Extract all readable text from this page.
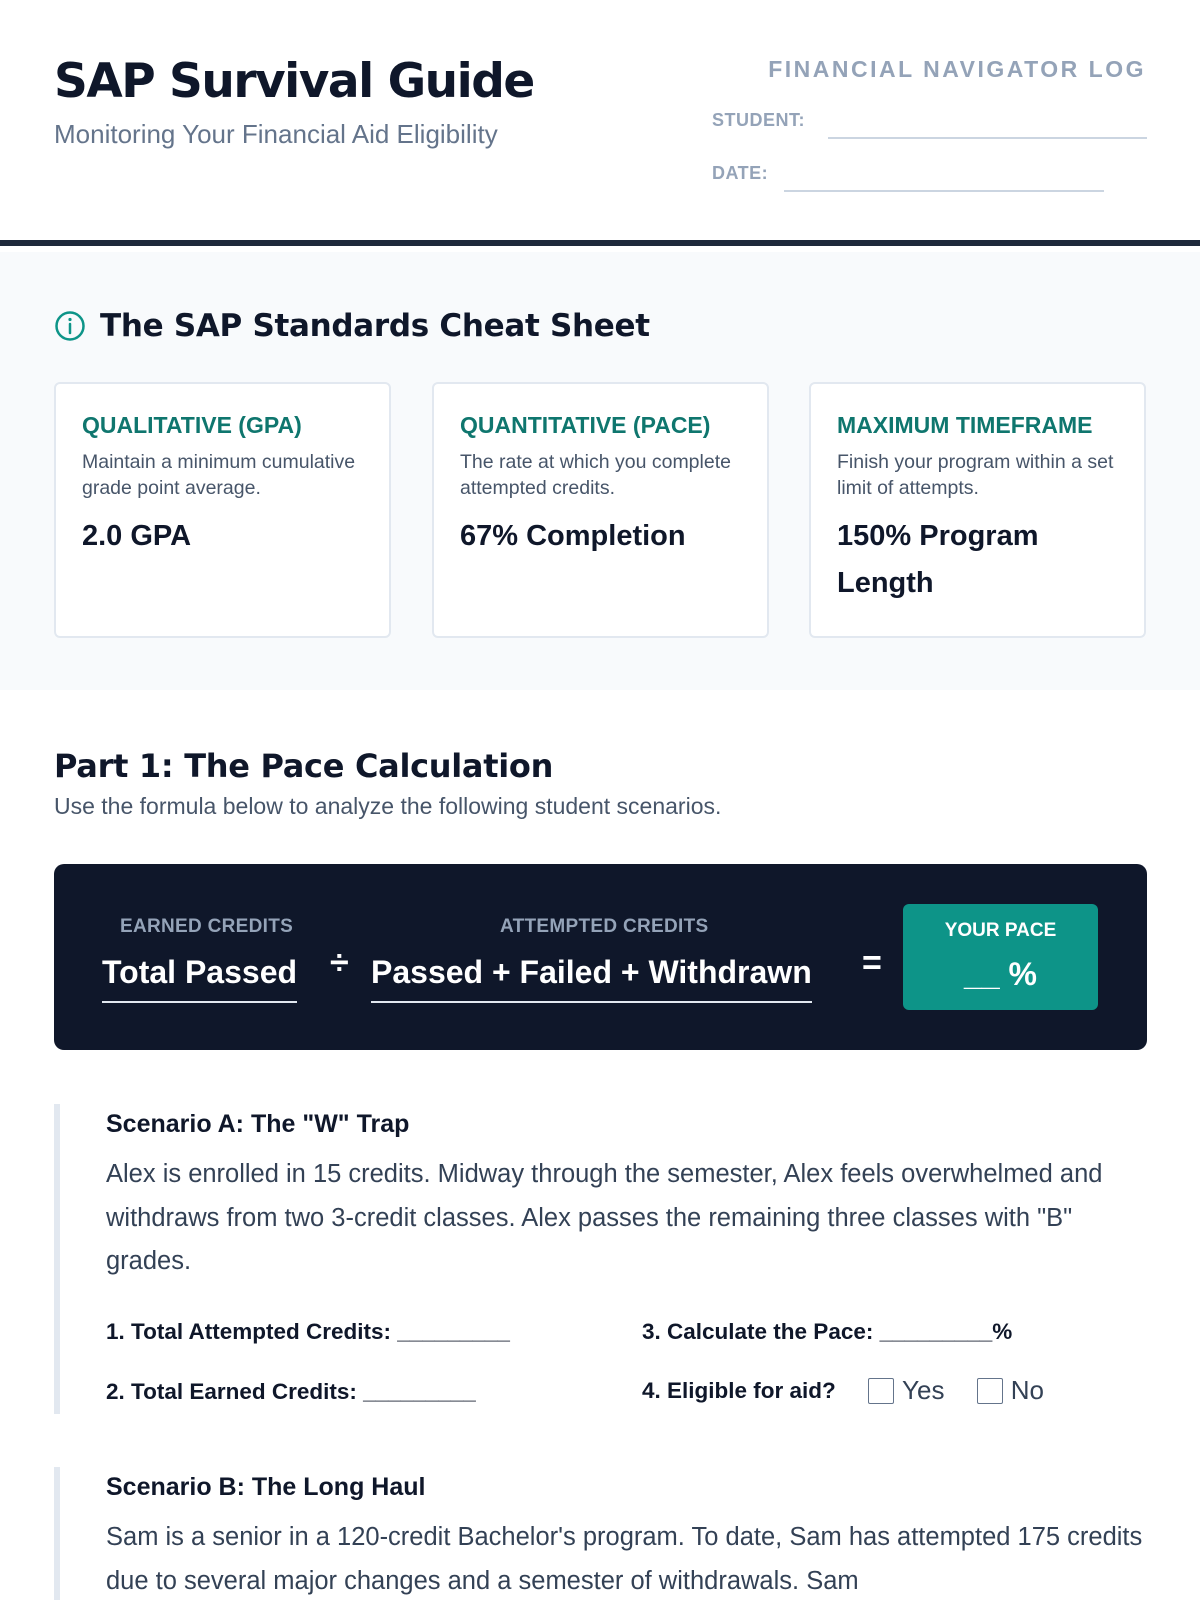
SAP Survival Guide
Monitoring Your Financial Aid Eligibility
FINANCIAL NAVIGATOR LOG
STUDENT:
DATE:
The SAP Standards Cheat Sheet
QUALITATIVE (GPA)
Maintain a minimum cumulative grade point average.
2.0 GPA
QUANTITATIVE (PACE)
The rate at which you complete attempted credits.
67% Completion
MAXIMUM TIMEFRAME
Finish your program within a set limit of attempts.
150% Program Length
Part 1: The Pace Calculation
Use the formula below to analyze the following student scenarios.
EARNED CREDITS
Total Passed ÷
ATTEMPTED CREDITS
Passed + Failed + Withdrawn =
YOUR PACE
__ %
Scenario A: The "W" Trap
Alex is enrolled in 15 credits. Midway through the semester, Alex feels overwhelmed and withdraws from two 3-credit classes. Alex passes the remaining three classes with "B" grades.
1. Total Attempted Credits: _________	3. Calculate the Pace: _________%
2. Total Earned Credits: _________	4. Eligible for aid?	Yes	No
Scenario B: The Long Haul
Sam is a senior in a 120-credit Bachelor's program. To date, Sam has attempted 175 credits due to several major changes and a semester of withdrawals. Sam
